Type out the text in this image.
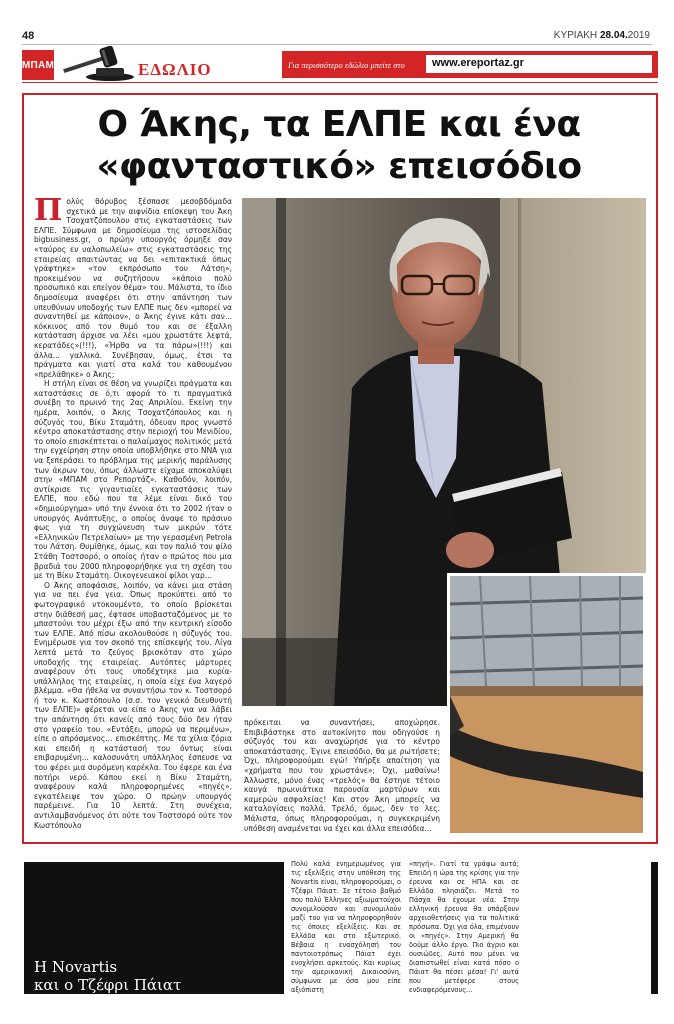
48	ΚΥΡΙΑΚΗ 28.04.2019
ΜΠΑΜ	ΕΔΩΛΙΟ	Για περισσότερο εδώλιο μπείτε στο	www.ereportaz.gr
Ο Άκης, τα ΕΛΠΕ και ένα
«φανταστικό» επεισόδιο

Πολύς θόρυβος ξέσπασε μεσοβδόμαδα σχετικά με την αιφνίδια επίσκεψη του Άκη Τσοχατζόπουλου στις εγκαταστάσεις των ΕΛΠΕ. Σύμφωνα με δημοσίευμα της ιστοσελίδας bigbusiness.gr, ο πρώην υπουργός όρμηξε σαν «ταύρος εν υαλοπωλείω» στις εγκαταστάσεις της εταιρείας απαιτώντας να δει «επιτακτικά όπως γράφτηκε» «τον εκπρόσωπο του Λάτση», προκειμένου να συζητήσουν «κάποιο πολύ προσωπικό και επείγον θέμα» του. Μάλιστα, το ίδιο δημοσίευμα αναφέρει ότι στην απάντηση των υπευθύνων υποδοχής των ΕΛΠΕ πως δεν «μπορεί να συναντηθεί με κάποιον», ο Άκης έγινε κάτι σαν... κόκκινος από τον θυμό του και σε έξαλλη κατάσταση άρχισε να λέει «μου χρωστάτε λεφτά, κερατάδες»(!!!), «Ήρθα να τα πάρω»(!!!) και άλλα... γαλλικά. Συνέβησαν, όμως, έτσι τα πράγματα και γιατί στα καλά του καθουμένου «πρελάθηκε» ο Άκης;

Η στήλη είναι σε θέση να γνωρίζει πράγματα και καταστάσεις σε ό,τι αφορά το τι πραγματικά συνέβη το πρωινό της 2ας Απριλίου. Εκείνη την ημέρα, λοιπόν, ο Άκης Τσοχατζόπουλος και η σύζυγός του, Βίκυ Σταμάτη, όδευαν προς γνωστό κέντρο αποκατάστασης στην περιοχή του Μενιδίου, το οποίο επισκέπτεται ο παλαίμαχος πολιτικός μετά την εγχείρηση στην οποία υποβλήθηκε στο ΝΝΑ για να ξεπεράσει το πρόβλημα της μερικής παράλυσης των άκρων του, όπως άλλωστε είχαμε αποκαλύψει στην «ΜΠΑΜ στο Ρεπορτάζ». Καθοδόν, λοιπόν, αντίκρισε τις γιγαντιαίες εγκαταστάσεις των ΕΛΠΕ, που εδώ που τα λέμε είναι δικό του «δημιούργημα» υπό την έννοια ότι το 2002 ήταν ο υπουργός Ανάπτυξης, ο οποίος άναψε το πράσινο φως για τη συγχώνευση των μικρών τότε «Ελληνικών Πετρελαίων» με την γερασμένη Petrola του Λάτση. Θυμίθηκε, όμως, και τον παλιό του φίλο Στάθη Τοστσορό, ο οποίος ήταν ο πρώτος που μια βραδιά του 2000 πληροφορήθηκε για τη σχέση του με τη Βίκυ Σταμάτη. Οικογενειακοί φίλοι γαρ...

Ο Άκης αποφάσισε, λοιπόν, να κάνει μια στάση για να πει ένα γεια. Όπως προκύπτει από το φωτογραφικό ντοκουμέντο, το οποίο βρίσκεται στην διάθεσή μας, έφτασε υποβασταζόμενος με το μπαστούνι του μέχρι έξω από την κεντρική είσοδο των ΕΛΠΕ. Από πίσω ακολουθούσε η σύζυγός του. Ενημέρωσε για τον σκοπό της επίσκεψής του. Λίγα λεπτά μετά το ζεύγος βρισκόταν στο χώρο υποδοχής της εταιρείας. Αυτόπτες μάρτυρες αναφέρουν ότι τους υποδέχτηκε μια κυρία-υπάλληλος της εταιρείας, η οποία είχε ένα λαγερό βλέμμα. «Θα ήθελα να συναντήσω τον κ. Τοστσορό ή τον κ. Κωστόπουλο (σ.σ. τον γενικό διευθυντή των ΕΛΠΕ)» φέρεται να είπε ο Άκης για να λάβει την απάντηση ότι κανείς από τους δύο δεν ήταν στο γραφείο του. «Εντάξει, μπορώ να περιμένω», είπε ο απρόσμενος... επισκέπτης. Με τα χίλια ζόρια και επειδή η κατάστασή του όντως είναι επιβαρυμένη... καλοσυνάτη υπάλληλος έσπευσε να του φέρει μια συρόμενη καρέκλα. Του έφερε και ένα ποτήρι νερό. Κάπου εκεί η Βίκυ Σταμάτη, αναφέρουν καλά πληροφορημένες «πηγές», εγκατέλειψε τον χώρο. Ο πρώην υπουργός παρέμεινε. Για 10 λεπτά. Στη συνέχεια, αντιλαμβανόμενος ότι ούτε τον Τοστσορό ούτε τον Κωστόπουλο

πρόκειται να συναντήσει, αποχώρησε. Επιβιβάστηκε στο αυτοκίνητο που οδηγούσε η σύζυγός του και αναχώρησε για το κέντρο αποκατάστασης. Έγινε επεισόδιο, θα με ρωτήσετε; Όχι, πληροφορούμαι εγώ! Υπήρξε απαίτηση για «χρήματα που του χρωστάνε»; Όχι, μαθαίνω! Άλλωστε, μόνο ένας «τρελός» θα έστηνε τέτοιο καυγά πρωινιάτικα παρουσία μαρτύρων και καμερών ασφαλείας! Και στον Άκη μπορείς να καταλογίσεις πολλά. Τρελό, όμως, δεν το λες. Μάλιστα, όπως πληροφορούμαι, η συγκεκριμένη υπόθεση αναμένεται να έχει και άλλα επεισόδια...

Η Novartis
και ο Τζέφρι Πάιατ
Πολύ καλά ενημερωμένος για τις εξελίξεις στην υπόθεση της Novartis είναι, πληροφορούμαι, ο Τζέφρι Πάιατ. Σε τέτοιο βαθμό που πολύ Έλληνες αξιωματούχοι συνομιλούσαν και συνομιλούν μαζί του για να πληροφορηθούν τις όποιες εξελίξεις. Και σε Ελλάδα και στο εξωτερικό. Βέβαια η ενασχόλησή του παντοιοτρόπως Πάιατ έχει ενοχλήσει αρκετούς. Και κυρίως την αμερικανική Δικαιοσύνη, σύμφωνα με όσα μου είπε αξιόπιστη
«πηγή». Γιατί τα γράφω αυτά; Επειδή η ώρα της κρίσης για την έρευνα και σε ΗΠΑ και σε Ελλάδα πλησιάζει. Μετά το Πάσχα θα έχουμε νέα. Στην ελληνική έρευνα θα υπάρξουν αρχειοθετήσεις για τα πολιτικά πρόσωπα. Όχι για όλα, επιμένουν οι «πηγές». Στην Αμερική θα δούμε άλλο έργο. Πιο άγριο και ουσιώδες. Αυτό που μένει να διαπιστωθεί είναι κατά πόσο ο Πάιατ θα πέσει μέσα! Γι' αυτά που μετέφερε στους ενδιαφερόμενους...
